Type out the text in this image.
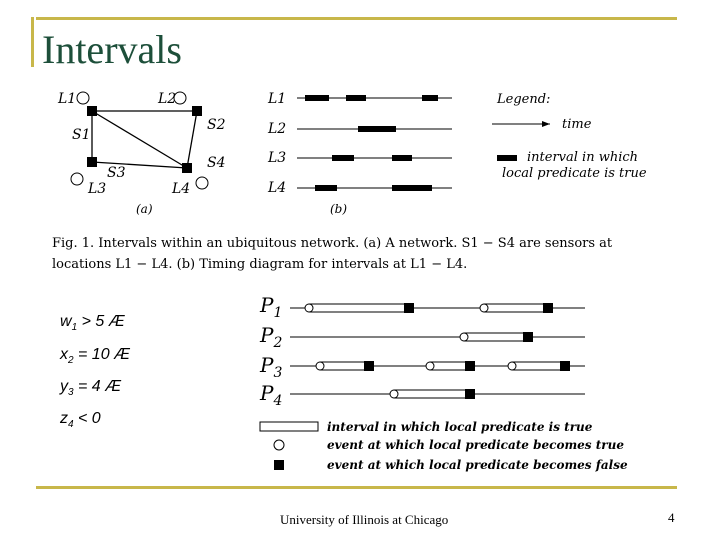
Intervals
L1	L2
S1
S2
S3
S4
L3	L4
(a)
L1
L2
L3
L4
(b)
Legend:
time
interval in which
local predicate is true
Fig. 1. Intervals within an ubiquitous network. (a) A network. S1 − S4 are sensors at
locations L1 − L4. (b) Timing diagram for intervals at L1 − L4.
$w_1 > 5$ Æ
$x_2 = 10$ Æ
$y_3 = 4$ Æ
$z_4 < 0$
$P_1$
$P_2$
$P_3$
$P_4$
interval in which local predicate is true
event at which local predicate becomes true
event at which local predicate becomes false
University of Illinois at Chicago	4
